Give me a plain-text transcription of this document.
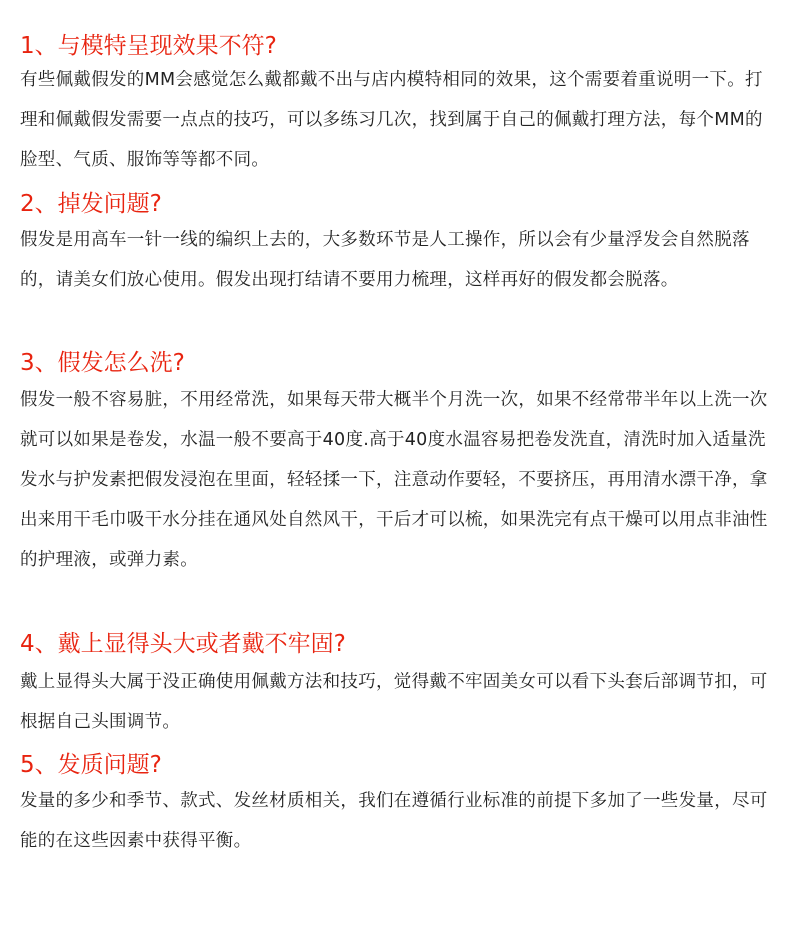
1、与模特呈现效果不符?

有些佩戴假发的MM会感觉怎么戴都戴不出与店内模特相同的效果，这个需要着重说明一下。打理和佩戴假发需要一点点的技巧，可以多练习几次，找到属于自己的佩戴打理方法，每个MM的脸型、气质、服饰等等都不同。

2、掉发问题?

假发是用高车一针一线的编织上去的，大多数环节是人工操作，所以会有少量浮发会自然脱落的，请美女们放心使用。假发出现打结请不要用力梳理，这样再好的假发都会脱落。

3、假发怎么洗?

假发一般不容易脏，不用经常洗，如果每天带大概半个月洗一次，如果不经常带半年以上洗一次就可以如果是卷发，水温一般不要高于40度.高于40度水温容易把卷发洗直，清洗时加入适量洗发水与护发素把假发浸泡在里面，轻轻揉一下，注意动作要轻，不要挤压，再用清水漂干净，拿出来用干毛巾吸干水分挂在通风处自然风干，干后才可以梳，如果洗完有点干燥可以用点非油性的护理液，或弹力素。

4、戴上显得头大或者戴不牢固?

戴上显得头大属于没正确使用佩戴方法和技巧，觉得戴不牢固美女可以看下头套后部调节扣，可根据自己头围调节。

5、发质问题?

发量的多少和季节、款式、发丝材质相关，我们在遵循行业标准的前提下多加了一些发量，尽可能的在这些因素中获得平衡。
